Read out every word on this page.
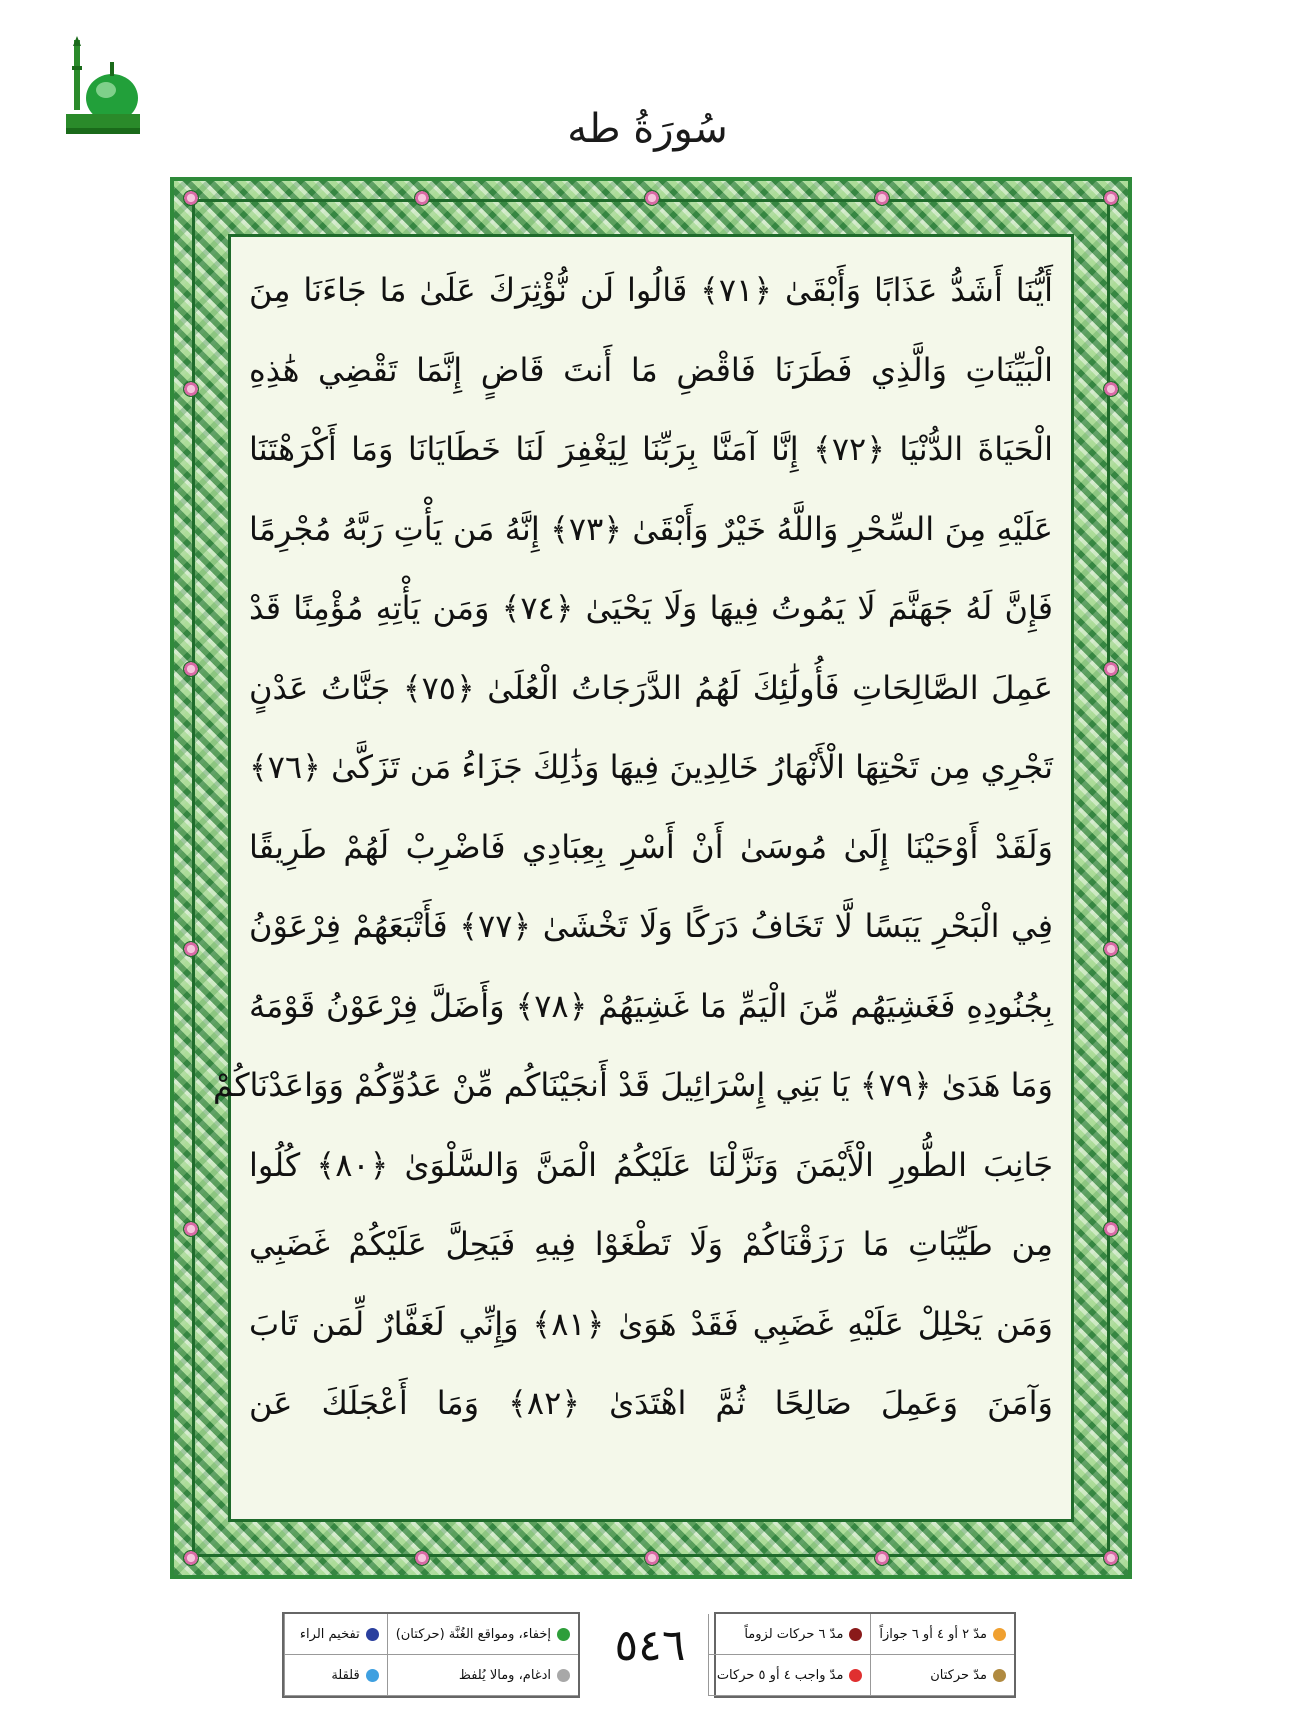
سُورَةُ طه
أَيُّنَا أَشَدُّ عَذَابًا وَأَبْقَىٰ ﴿٧١﴾ قَالُوا لَن نُّؤْثِرَكَ عَلَىٰ مَا جَاءَنَا مِنَ
الْبَيِّنَاتِ وَالَّذِي فَطَرَنَا فَاقْضِ مَا أَنتَ قَاضٍ إِنَّمَا تَقْضِي هَٰذِهِ
الْحَيَاةَ الدُّنْيَا ﴿٧٢﴾ إِنَّا آمَنَّا بِرَبِّنَا لِيَغْفِرَ لَنَا خَطَايَانَا وَمَا أَكْرَهْتَنَا
عَلَيْهِ مِنَ السِّحْرِ وَاللَّهُ خَيْرٌ وَأَبْقَىٰ ﴿٧٣﴾ إِنَّهُ مَن يَأْتِ رَبَّهُ مُجْرِمًا
فَإِنَّ لَهُ جَهَنَّمَ لَا يَمُوتُ فِيهَا وَلَا يَحْيَىٰ ﴿٧٤﴾ وَمَن يَأْتِهِ مُؤْمِنًا قَدْ
عَمِلَ الصَّالِحَاتِ فَأُولَٰئِكَ لَهُمُ الدَّرَجَاتُ الْعُلَىٰ ﴿٧٥﴾ جَنَّاتُ عَدْنٍ
تَجْرِي مِن تَحْتِهَا الْأَنْهَارُ خَالِدِينَ فِيهَا وَذَٰلِكَ جَزَاءُ مَن تَزَكَّىٰ ﴿٧٦﴾
وَلَقَدْ أَوْحَيْنَا إِلَىٰ مُوسَىٰ أَنْ أَسْرِ بِعِبَادِي فَاضْرِبْ لَهُمْ طَرِيقًا
فِي الْبَحْرِ يَبَسًا لَّا تَخَافُ دَرَكًا وَلَا تَخْشَىٰ ﴿٧٧﴾ فَأَتْبَعَهُمْ فِرْعَوْنُ
بِجُنُودِهِ فَغَشِيَهُم مِّنَ الْيَمِّ مَا غَشِيَهُمْ ﴿٧٨﴾ وَأَضَلَّ فِرْعَوْنُ قَوْمَهُ
وَمَا هَدَىٰ ﴿٧٩﴾ يَا بَنِي إِسْرَائِيلَ قَدْ أَنجَيْنَاكُم مِّنْ عَدُوِّكُمْ وَوَاعَدْنَاكُمْ
جَانِبَ الطُّورِ الْأَيْمَنَ وَنَزَّلْنَا عَلَيْكُمُ الْمَنَّ وَالسَّلْوَىٰ ﴿٨٠﴾ كُلُوا
مِن طَيِّبَاتِ مَا رَزَقْنَاكُمْ وَلَا تَطْغَوْا فِيهِ فَيَحِلَّ عَلَيْكُمْ غَضَبِي
وَمَن يَحْلِلْ عَلَيْهِ غَضَبِي فَقَدْ هَوَىٰ ﴿٨١﴾ وَإِنِّي لَغَفَّارٌ لِّمَن تَابَ
وَآمَنَ وَعَمِلَ صَالِحًا ثُمَّ اهْتَدَىٰ ﴿٨٢﴾ وَمَا أَعْجَلَكَ عَن
إخفاء، ومواقع الغُنَّة (حركتان)
تفخيم الراء
ادغام، ومالا يُلفظ
قلقلة
٥٤٦	مدّ ٢ أو ٤ أو ٦ جوازاً
مدّ ٦ حركات لزوماً
مدّ حركتان
مدّ واجب ٤ أو ٥ حركات
